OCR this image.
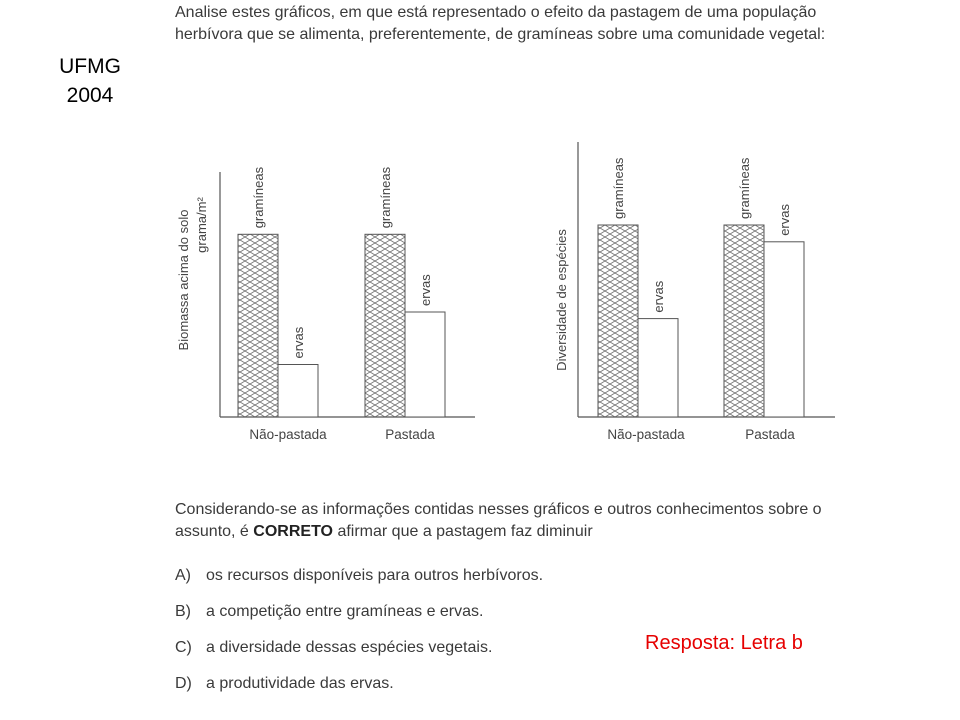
UFMG
2004
Analise estes gráficos, em que está representado o efeito da pastagem de uma população herbívora que se alimenta, preferentemente, de gramíneas sobre uma comunidade vegetal:
Biomassa acima do solo grama/m²	gramíneas
ervas
Não-pastada
gramíneas
ervas
Pastada
Diversidade de espécies
gramíneas
ervas
Não-pastada
gramíneas
ervas
Pastada
Considerando-se as informações contidas nesses gráficos e outros conhecimentos sobre o assunto, é CORRETO afirmar que a pastagem faz diminuir
A) os recursos disponíveis para outros herbívoros.
B) a competição entre gramíneas e ervas.
C) a diversidade dessas espécies vegetais.
D) a produtividade das ervas.
Resposta: Letra b
